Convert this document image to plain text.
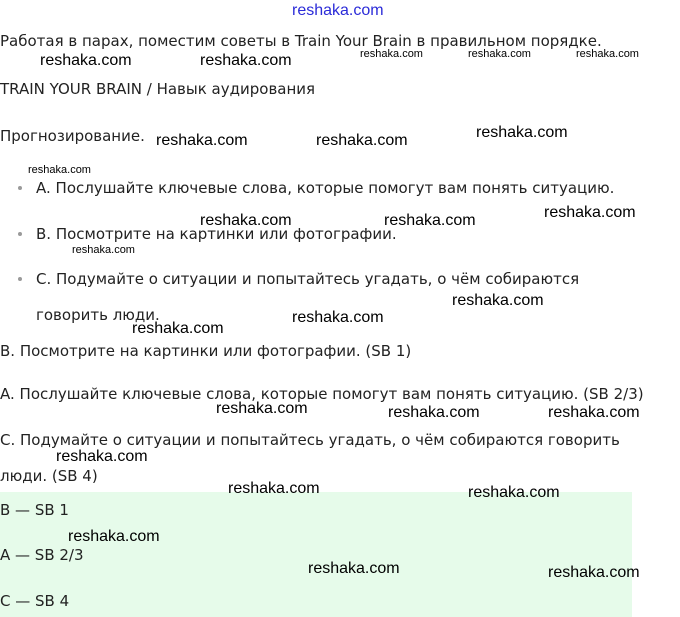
reshaka.com
Работая в парах, поместим советы в Train Your Brain в правильном порядке.
TRAIN YOUR BRAIN / Навык аудирования
Прогнозирование.
A. Послушайте ключевые слова, которые помогут вам понять ситуацию.
B. Посмотрите на картинки или фотографии.
C. Подумайте о ситуации и попытайтесь угадать, о чём собираются
говорить люди.
B. Посмотрите на картинки или фотографии. (SB 1)
A. Послушайте ключевые слова, которые помогут вам понять ситуацию. (SB 2/3)
C. Подумайте о ситуации и попытайтесь угадать, о чём собираются говорить
люди. (SB 4)
B — SB 1
A — SB 2/3
C — SB 4
reshaka.com	reshaka.com
reshaka.com	reshaka.com	reshaka.com
reshaka.com	reshaka.com	reshaka.com
reshaka.com
reshaka.com
reshaka.com
reshaka.com	reshaka.com	reshaka.com
reshaka.com
reshaka.com	reshaka.com
reshaka.com
reshaka.com	reshaka.com
reshaka.com	reshaka.com	reshaka.com
reshaka.com
reshaka.com
